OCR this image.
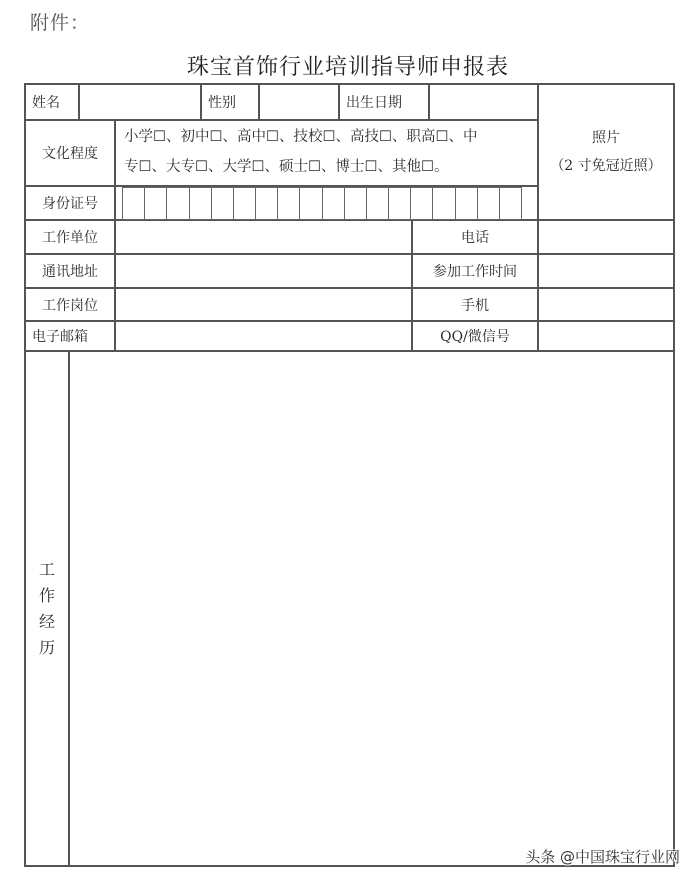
附件：
珠宝首饰行业培训指导师申报表
姓名	性别	出生日期
照片
（2 寸免冠近照）
文化程度
小学☐、初中☐、高中☐、技校☐、高技☐、职高☐、中
专☐、大专☐、大学☐、硕士☐、博士☐、其他☐。
身份证号
工作单位	电话
通讯地址	参加工作时间
工作岗位	手机
电子邮箱	QQ/微信号
工
作
经
历
头条 @中国珠宝行业网
